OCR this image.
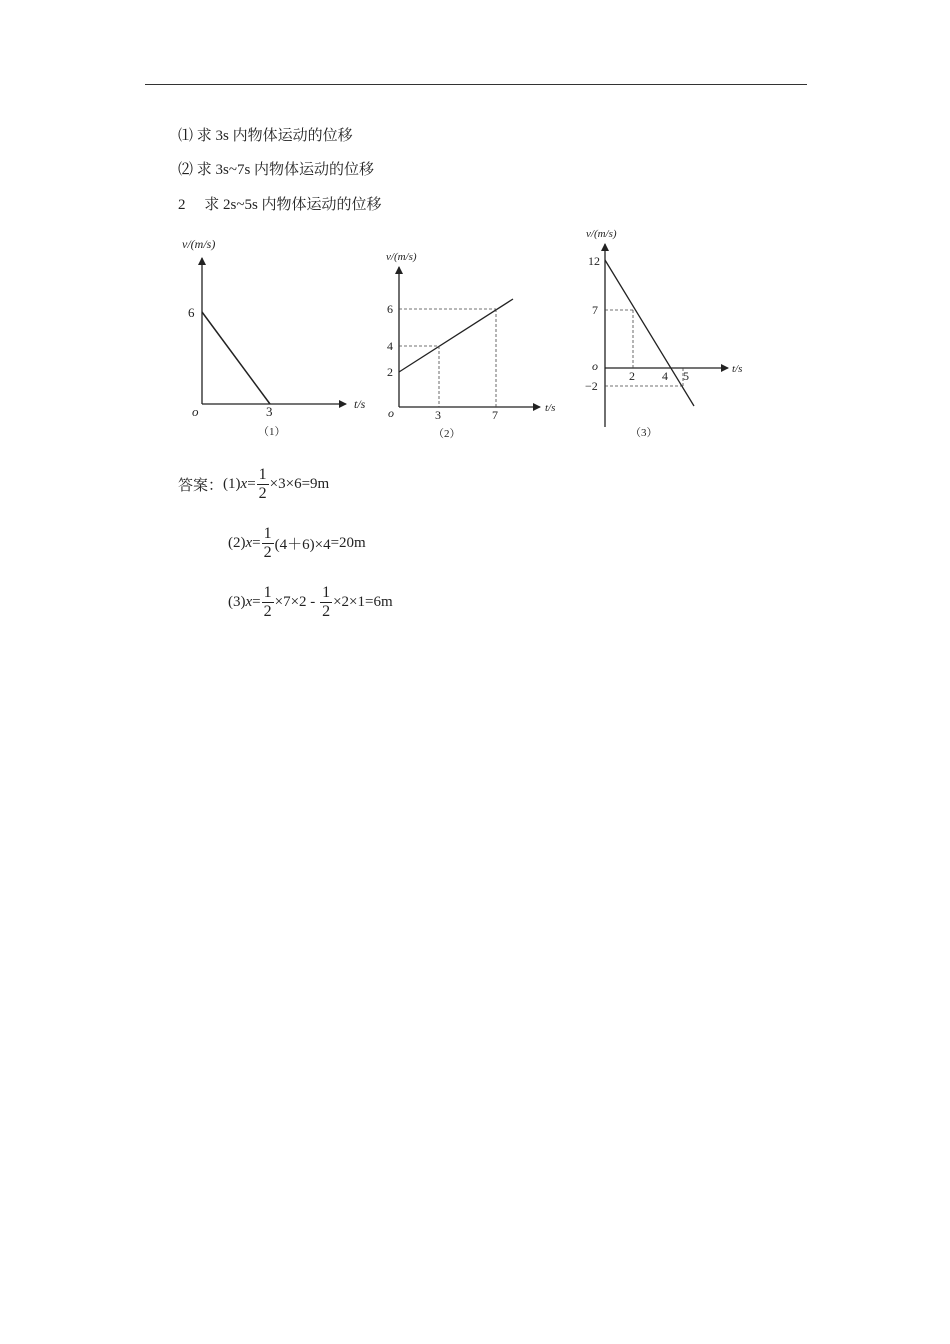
⑴ 求 3s 内物体运动的位移
⑵ 求 3s~7s 内物体运动的位移
2　 求 2s~5s 内物体运动的位移
v/(m/s)
6
3
o	t/s
（1）
v/(m/s)
6
4
2
3	7
o	t/s
（2）
v/(m/s)
12
7
−2
2 4 5
o	t/s
（3）
答案： (1) $x = \frac{1}{2} \times 3\times 6 =9m$
(2) $x = \frac{1}{2} (4+6)\times 4 =20m$
(3) $x = \frac{1}{2} \times 7\times 2 - \frac{1}{2} \times 2\times 1 =6m$
